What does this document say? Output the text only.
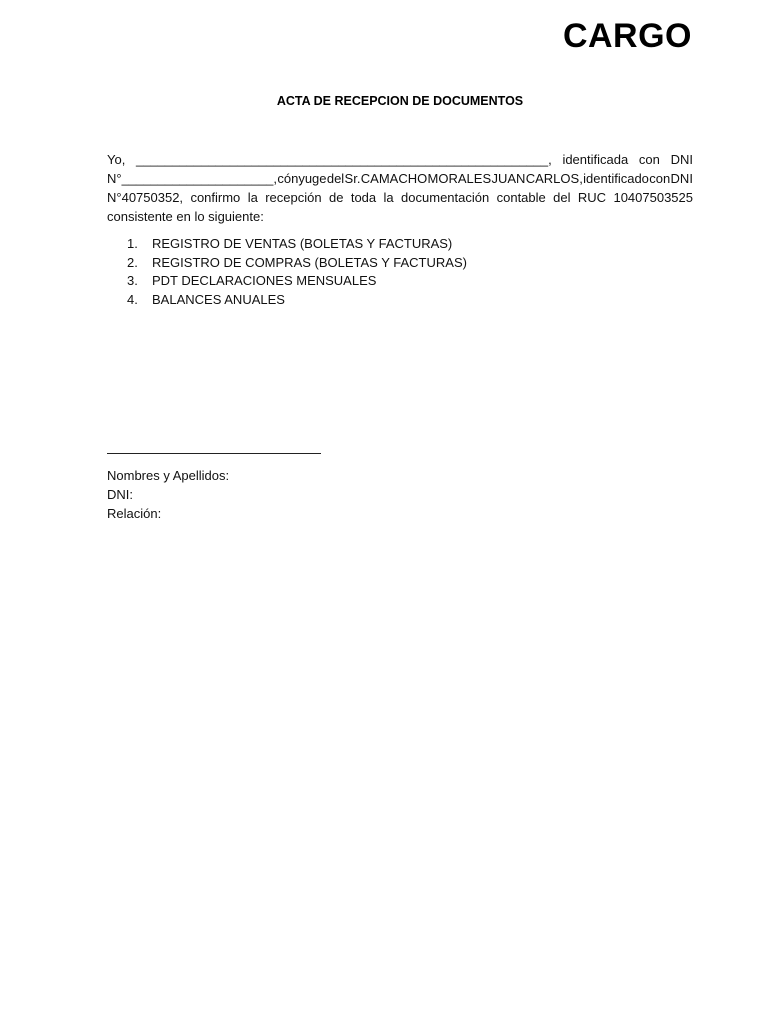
CARGO
ACTA DE RECEPCION DE DOCUMENTOS
Yo, _________________________________________________________, identificada con DNI
N°_____________________, cónyuge del Sr. CAMACHO MORALES JUAN CARLOS, identificado con DNI
N°40750352, confirmo la recepción de toda la documentación contable del RUC 10407503525
consistente en lo siguiente:
1.	REGISTRO DE VENTAS (BOLETAS Y FACTURAS)
2.	REGISTRO DE COMPRAS (BOLETAS Y FACTURAS)
3.	PDT DECLARACIONES MENSUALES
4.	BALANCES ANUALES
Nombres y Apellidos:
DNI:
Relación:
